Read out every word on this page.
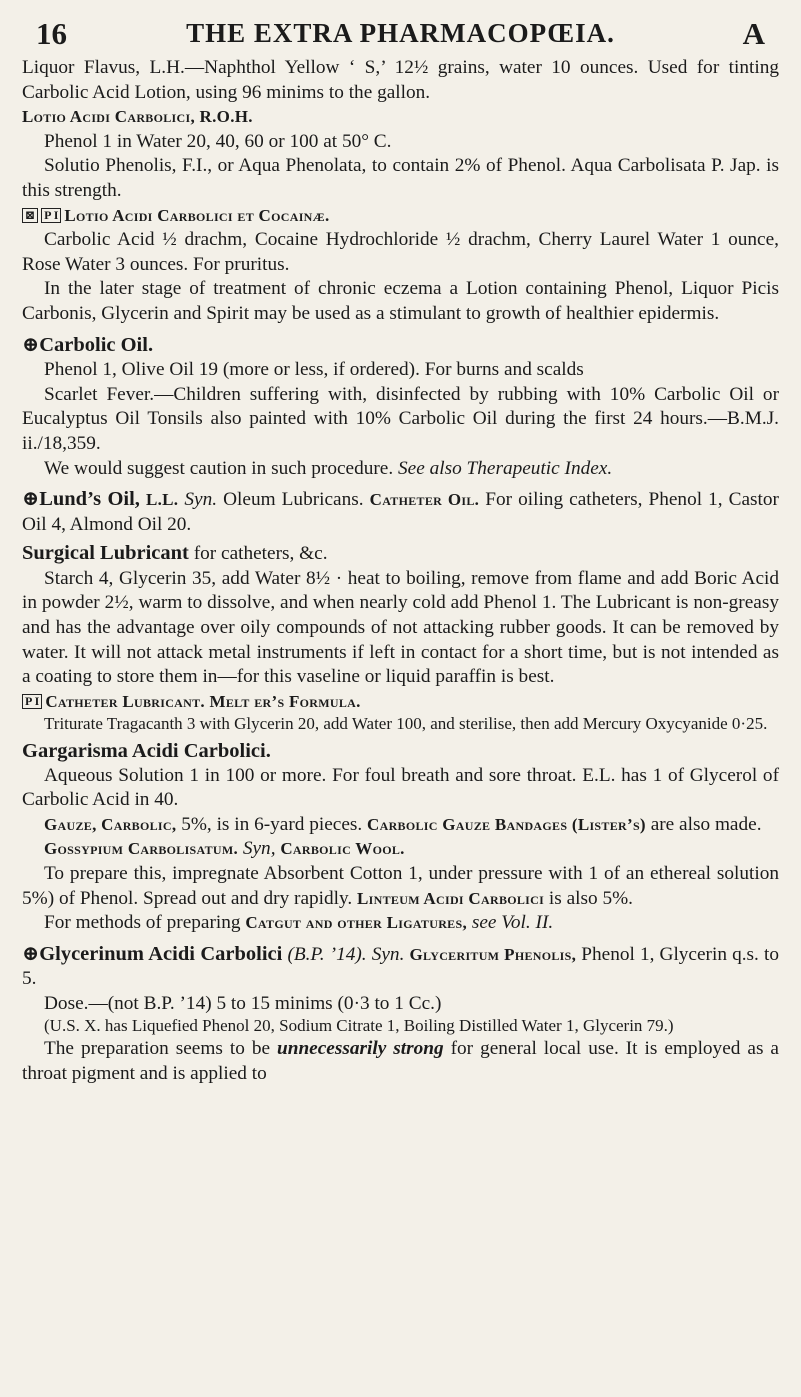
16	THE EXTRA PHARMACOPŒIA.	A

Liquor Flavus, L.H.—Naphthol Yellow ‘ S,’ 12½ grains, water 10 ounces. Used for tinting Carbolic Acid Lotion, using 96 minims to the gallon.

Lotio Acidi Carbolici, R.O.H.

Phenol 1 in Water 20, 40, 60 or 100 at 50° C.

Solutio Phenolis, F.I., or Aqua Phenolata, to contain 2% of Phenol. Aqua Carbolisata P. Jap. is this strength.

⊠ P I Lotio Acidi Carbolici et Cocainæ.

Carbolic Acid ½ drachm, Cocaine Hydrochloride ½ drachm, Cherry Laurel Water 1 ounce, Rose Water 3 ounces. For pruritus.

In the later stage of treatment of chronic eczema a Lotion containing Phenol, Liquor Picis Carbonis, Glycerin and Spirit may be used as a stimulant to growth of healthier epidermis.

⊕Carbolic Oil.

Phenol 1, Olive Oil 19 (more or less, if ordered). For burns and scalds

Scarlet Fever.—Children suffering with, disinfected by rubbing with 10% Carbolic Oil or Eucalyptus Oil Tonsils also painted with 10% Carbolic Oil during the first 24 hours.—B.M.J. ii./18,359.

We would suggest caution in such procedure. See also Therapeutic Index.

⊕Lund’s Oil, L.L. Syn. Oleum Lubricans. Catheter Oil. For oiling catheters, Phenol 1, Castor Oil 4, Almond Oil 20.

Surgical Lubricant for catheters, &c.

Starch 4, Glycerin 35, add Water 8½ · heat to boiling, remove from flame and add Boric Acid in powder 2½, warm to dissolve, and when nearly cold add Phenol 1. The Lubricant is non-greasy and has the advantage over oily compounds of not attacking rubber goods. It can be removed by water. It will not attack metal instruments if left in contact for a short time, but is not intended as a coating to store them in—for this vaseline or liquid paraffin is best.

P I Catheter Lubricant. Melt er’s Formula.

Triturate Tragacanth 3 with Glycerin 20, add Water 100, and sterilise, then add Mercury Oxycyanide 0·25.

Gargarisma Acidi Carbolici.

Aqueous Solution 1 in 100 or more. For foul breath and sore throat. E.L. has 1 of Glycerol of Carbolic Acid in 40.

Gauze, Carbolic, 5%, is in 6-yard pieces. Carbolic Gauze Bandages (Lister’s) are also made.

Gossypium Carbolisatum. Syn, Carbolic Wool.

To prepare this, impregnate Absorbent Cotton 1, under pressure with 1 of an ethereal solution 5%) of Phenol. Spread out and dry rapidly. Linteum Acidi Carbolici is also 5%.

For methods of preparing Catgut and other Ligatures, see Vol. II.

⊕Glycerinum Acidi Carbolici (B.P. ’14). Syn. Glyceritum Phenolis, Phenol 1, Glycerin q.s. to 5.

Dose.—(not B.P. ’14) 5 to 15 minims (0·3 to 1 Cc.)

(U.S. X. has Liquefied Phenol 20, Sodium Citrate 1, Boiling Distilled Water 1, Glycerin 79.)

The preparation seems to be unnecessarily strong for general local use. It is employed as a throat pigment and is applied to
